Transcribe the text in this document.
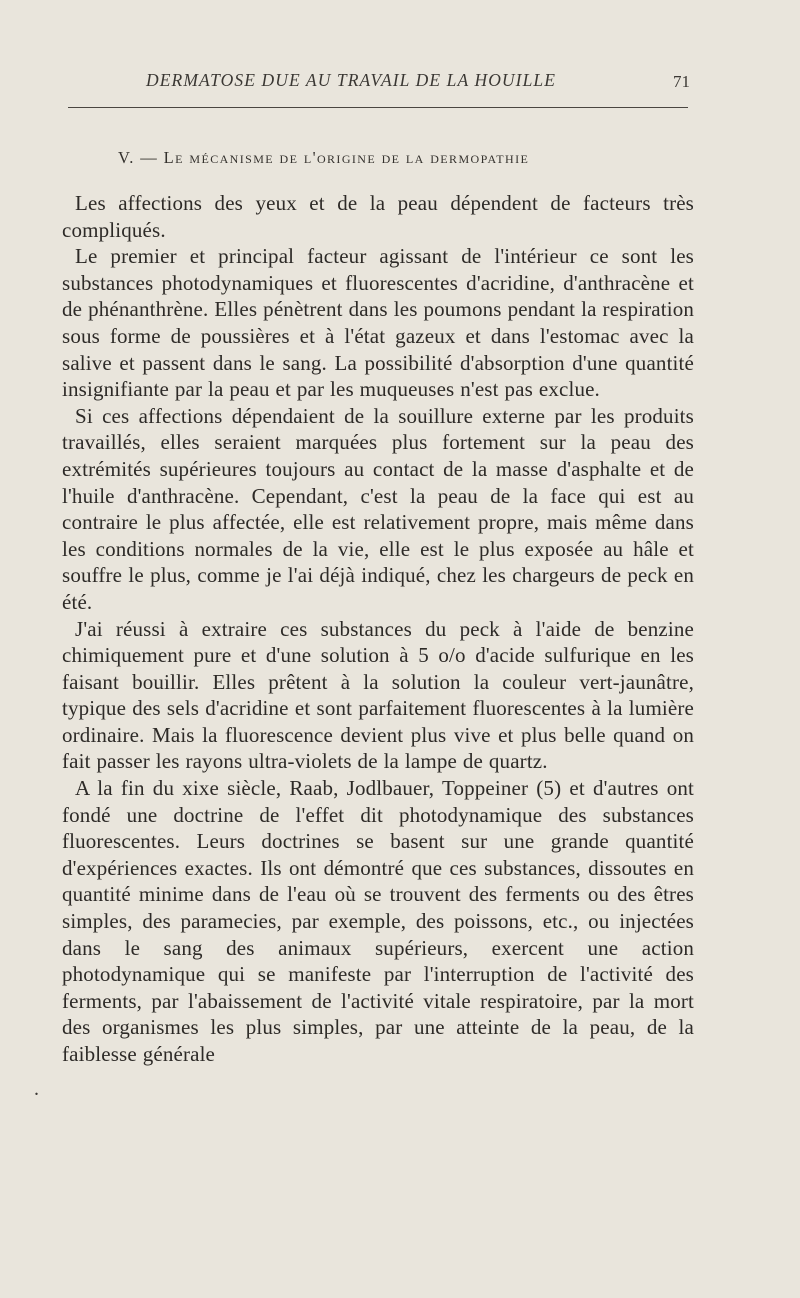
DERMATOSE DUE AU TRAVAIL DE LA HOUILLE	71
V. — Le mécanisme de l'origine de la dermopathie

Les affections des yeux et de la peau dépendent de facteurs très compliqués.

Le premier et principal facteur agissant de l'intérieur ce sont les substances photodynamiques et fluorescentes d'acridine, d'anthracène et de phénanthrène. Elles pénètrent dans les poumons pendant la respiration sous forme de poussières et à l'état gazeux et dans l'estomac avec la salive et passent dans le sang. La possibilité d'absorption d'une quantité insignifiante par la peau et par les muqueuses n'est pas exclue.

Si ces affections dépendaient de la souillure externe par les produits travaillés, elles seraient marquées plus fortement sur la peau des extrémités supérieures toujours au contact de la masse d'asphalte et de l'huile d'anthracène. Cependant, c'est la peau de la face qui est au contraire le plus affectée, elle est relativement propre, mais même dans les conditions normales de la vie, elle est le plus exposée au hâle et souffre le plus, comme je l'ai déjà indiqué, chez les chargeurs de peck en été.

J'ai réussi à extraire ces substances du peck à l'aide de benzine chimiquement pure et d'une solution à 5 o/o d'acide sulfurique en les faisant bouillir. Elles prêtent à la solution la couleur vert-jaunâtre, typique des sels d'acridine et sont parfaitement fluorescentes à la lumière ordinaire. Mais la fluorescence devient plus vive et plus belle quand on fait passer les rayons ultra-violets de la lampe de quartz.

A la fin du xixe siècle, Raab, Jodlbauer, Toppeiner (5) et d'autres ont fondé une doctrine de l'effet dit photodynamique des substances fluorescentes. Leurs doctrines se basent sur une grande quantité d'expériences exactes. Ils ont démontré que ces substances, dissoutes en quantité minime dans de l'eau où se trouvent des ferments ou des êtres simples, des paramecies, par exemple, des poissons, etc., ou injectées dans le sang des animaux supérieurs, exercent une action photodynamique qui se manifeste par l'interruption de l'activité des ferments, par l'abaissement de l'activité vitale respiratoire, par la mort des organismes les plus simples, par une atteinte de la peau, de la faiblesse générale

.
